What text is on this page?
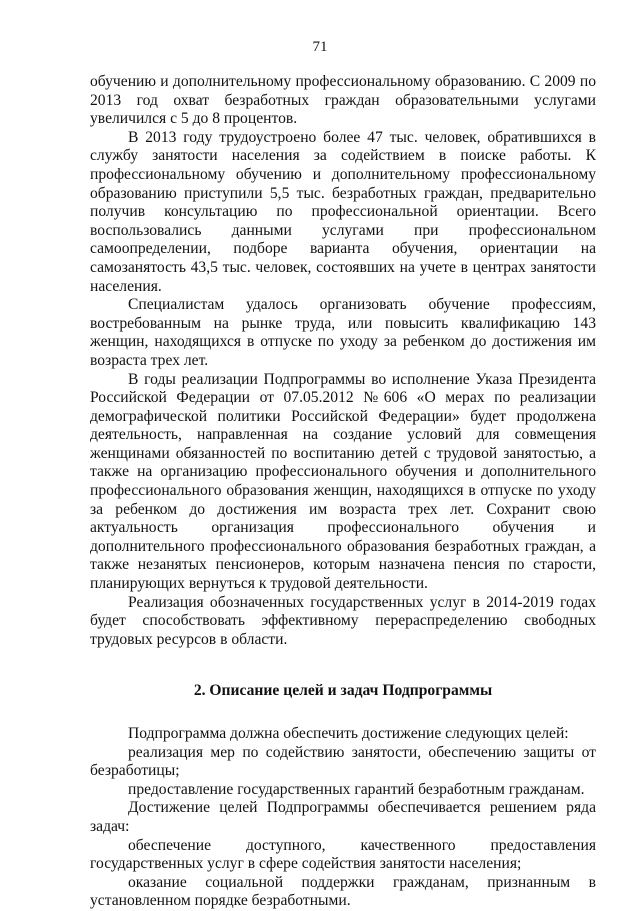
71

обучению и дополнительному профессиональному образованию. С 2009 по 2013 год охват безработных граждан образовательными услугами увеличился с 5 до 8 процентов.

В 2013 году трудоустроено более 47 тыс. человек, обратившихся в службу занятости населения за содействием в поиске работы. К профессиональному обучению и дополнительному профессиональному образованию приступили 5,5 тыс. безработных граждан, предварительно получив консультацию по профессиональной ориентации. Всего воспользовались данными услугами при профессиональном самоопределении, подборе варианта обучения, ориентации на самозанятость 43,5 тыс. человек, состоявших на учете в центрах занятости населения.

Специалистам удалось организовать обучение профессиям, востребованным на рынке труда, или повысить квалификацию 143 женщин, находящихся в отпуске по уходу за ребенком до достижения им возраста трех лет.

В годы реализации Подпрограммы во исполнение Указа Президента Российской Федерации от 07.05.2012 №606 «О мерах по реализации демографической политики Российской Федерации» будет продолжена деятельность, направленная на создание условий для совмещения женщинами обязанностей по воспитанию детей с трудовой занятостью, а также на организацию профессионального обучения и дополнительного профессионального образования женщин, находящихся в отпуске по уходу за ребенком до достижения им возраста трех лет. Сохранит свою актуальность организация профессионального обучения и дополнительного профессионального образования безработных граждан, а также незанятых пенсионеров, которым назначена пенсия по старости, планирующих вернуться к трудовой деятельности.

Реализация обозначенных государственных услуг в 2014-2019 годах будет способствовать эффективному перераспределению свободных трудовых ресурсов в области.

2. Описание целей и задач Подпрограммы

Подпрограмма должна обеспечить достижение следующих целей:

реализация мер по содействию занятости, обеспечению защиты от безработицы;

предоставление государственных гарантий безработным гражданам.

Достижение целей Подпрограммы обеспечивается решением ряда задач:

обеспечение доступного, качественного предоставления государственных услуг в сфере содействия занятости населения;

оказание социальной поддержки гражданам, признанным в установленном порядке безработными.
